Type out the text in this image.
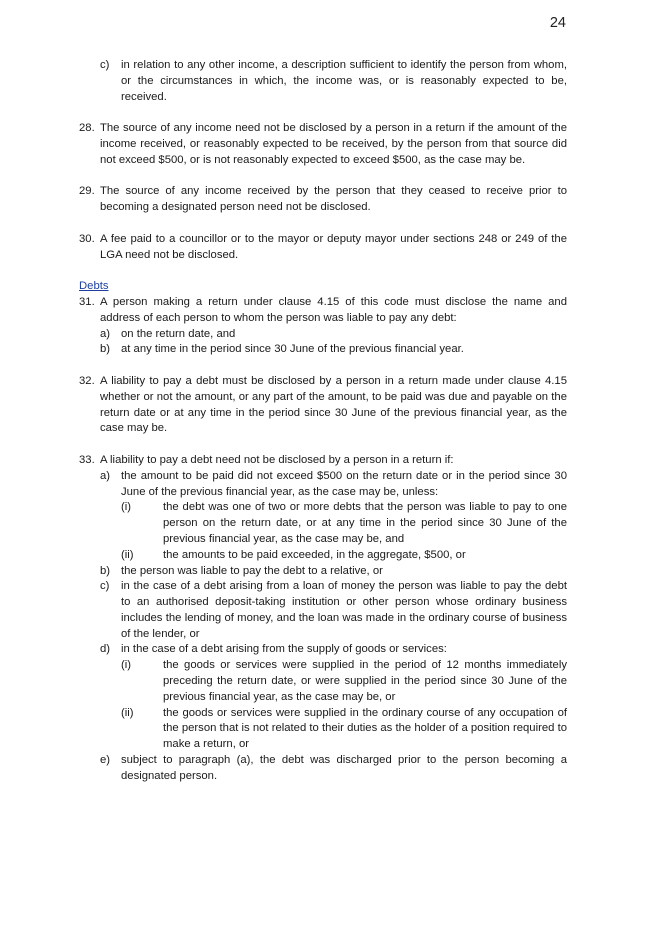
24
c)	in relation to any other income, a description sufficient to identify the person from whom, or the circumstances in which, the income was, or is reasonably expected to be, received.
28. The source of any income need not be disclosed by a person in a return if the amount of the income received, or reasonably expected to be received, by the person from that source did not exceed $500, or is not reasonably expected to exceed $500, as the case may be.
29. The source of any income received by the person that they ceased to receive prior to becoming a designated person need not be disclosed.
30. A fee paid to a councillor or to the mayor or deputy mayor under sections 248 or 249 of the LGA need not be disclosed.
Debts
31. A person making a return under clause 4.15 of this code must disclose the name and address of each person to whom the person was liable to pay any debt:
a) on the return date, and
b) at any time in the period since 30 June of the previous financial year.
32. A liability to pay a debt must be disclosed by a person in a return made under clause 4.15 whether or not the amount, or any part of the amount, to be paid was due and payable on the return date or at any time in the period since 30 June of the previous financial year, as the case may be.
33. A liability to pay a debt need not be disclosed by a person in a return if:
a) the amount to be paid did not exceed $500 on the return date or in the period since 30 June of the previous financial year, as the case may be, unless:
(i)	the debt was one of two or more debts that the person was liable to pay to one person on the return date, or at any time in the period since 30 June of the previous financial year, as the case may be, and
(ii)	the amounts to be paid exceeded, in the aggregate, $500, or
b) the person was liable to pay the debt to a relative, or
c)	in the case of a debt arising from a loan of money the person was liable to pay the debt to an authorised deposit-taking institution or other person whose ordinary business includes the lending of money, and the loan was made in the ordinary course of business of the lender, or
d) in the case of a debt arising from the supply of goods or services:
(i)	the goods or services were supplied in the period of 12 months immediately preceding the return date, or were supplied in the period since 30 June of the previous financial year, as the case may be, or
(ii)	the goods or services were supplied in the ordinary course of any occupation of the person that is not related to their duties as the holder of a position required to make a return, or
e) subject to paragraph (a), the debt was discharged prior to the person becoming a designated person.
